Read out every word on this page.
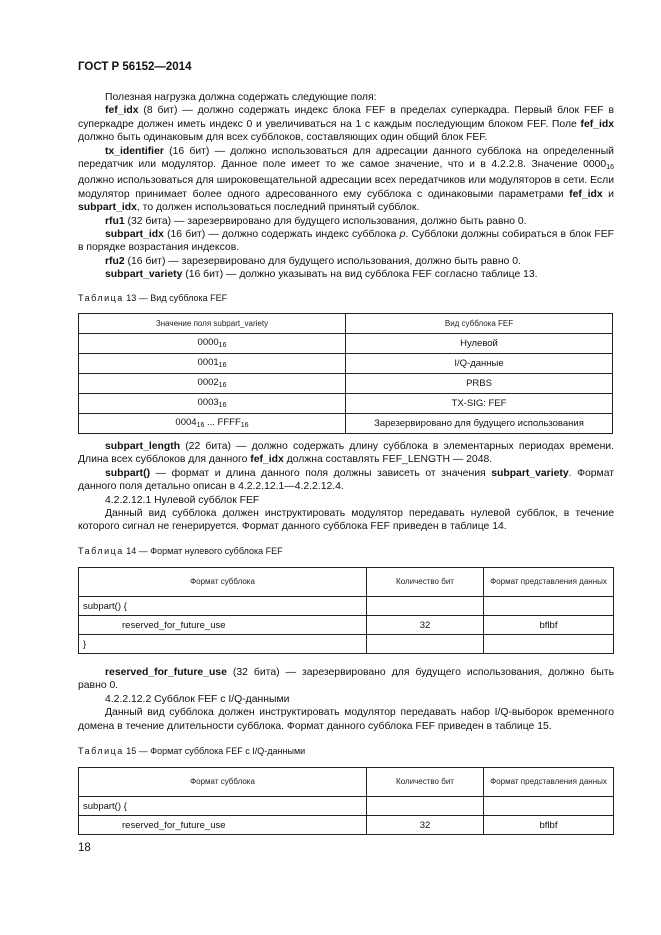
ГОСТ Р 56152—2014

Полезная нагрузка должна содержать следующие поля:

fef_idx (8 бит) — должно содержать индекс блока FEF в пределах суперкадра. Первый блок FEF в суперкадре должен иметь индекс 0 и увеличиваться на 1 с каждым последующим блоком FEF. Поле fef_idx должно быть одинаковым для всех субблоков, составляющих один общий блок FEF.

tx_identifier (16 бит) — должно использоваться для адресации данного субблока на определенный передатчик или модулятор. Данное поле имеет то же самое значение, что и в 4.2.2.8. Значение $0000_{16}$ должно использоваться для широковещательной адресации всех передатчиков или модуляторов в сети. Если модулятор принимает более одного адресованного ему субблока с одинаковыми параметрами fef_idx и subpart_idx, то должен использоваться последний принятый субблок.

rfu1 (32 бита) — зарезервировано для будущего использования, должно быть равно 0.

subpart_idx (16 бит) — должно содержать индекс субблока p. Субблоки должны собираться в блок FEF в порядке возрастания индексов.

rfu2 (16 бит) — зарезервировано для будущего использования, должно быть равно 0.

subpart_variety (16 бит) — должно указывать на вид субблока FEF согласно таблице 13.

Таблица 13 — Вид субблока FEF

Значение поля subpart_variety	Вид субблока FEF
$0000_{16}$	Нулевой
$0001_{16}$	I/Q-данные
$0002_{16}$	PRBS
$0003_{16}$	TX-SIG: FEF
$0004_{16}$ ... $FFFF_{16}$	Зарезервировано для будущего использования

subpart_length (22 бита) — должно содержать длину субблока в элементарных периодах времени. Длина всех субблоков для данного fef_idx должна составлять FEF_LENGTH — 2048.

subpart() — формат и длина данного поля должны зависеть от значения subpart_variety. Формат данного поля детально описан в 4.2.2.12.1—4.2.2.12.4.

4.2.2.12.1 Нулевой субблок FEF

Данный вид субблока должен инструктировать модулятор передавать нулевой субблок, в течение которого сигнал не генерируется. Формат данного субблока FEF приведен в таблице 14.

Таблица 14 — Формат нулевого субблока FEF

Формат субблока	Количество бит	Формат представления данных
subpart() {		
reserved_for_future_use	32	bflbf
}		

reserved_for_future_use (32 бита) — зарезервировано для будущего использования, должно быть равно 0.

4.2.2.12.2 Субблок FEF с I/Q-данными

Данный вид субблока должен инструктировать модулятор передавать набор I/Q-выборок временного домена в течение длительности субблока. Формат данного субблока FEF приведен в таблице 15.

Таблица 15 — Формат субблока FEF с I/Q-данными

Формат субблока	Количество бит	Формат представления данных
subpart() {		
reserved_for_future_use	32	bflbf
18
